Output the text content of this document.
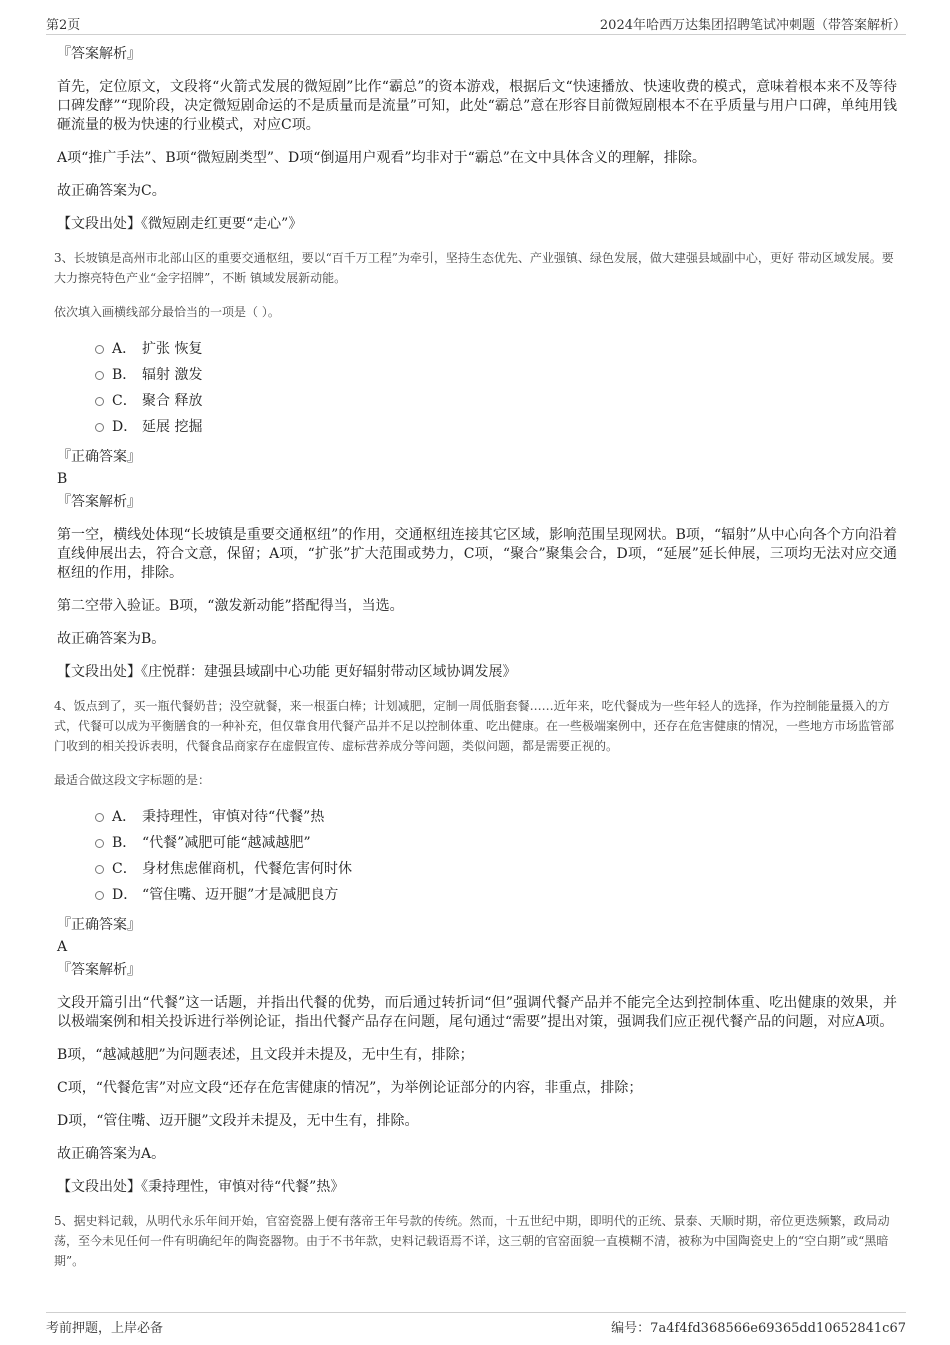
第2页	2024年哈西万达集团招聘笔试冲刺题（带答案解析）
『答案解析』
首先，定位原文，文段将“火箭式发展的微短剧”比作“霸总”的资本游戏，根据后文“快速播放、快速收费的模式，意味着根本来不及等待口碑发酵”“现阶段，决定微短剧命运的不是质量而是流量”可知，此处“霸总”意在形容目前微短剧根本不在乎质量与用户口碑，单纯用钱砸流量的极为快速的行业模式，对应C项。
A项“推广手法”、B项“微短剧类型”、D项“倒逼用户观看”均非对于“霸总”在文中具体含义的理解，排除。
故正确答案为C。
【文段出处】《微短剧走红更要“走心”》
3、长坡镇是高州市北部山区的重要交通枢纽，要以“百千万工程”为牵引，坚持生态优先、产业强镇、绿色发展，做大建强县域副中心，更好 带动区域发展。要大力擦亮特色产业“金字招牌”，不断 镇域发展新动能。
依次填入画横线部分最恰当的一项是（ ）。
A． 扩张 恢复
B． 辐射 激发
C． 聚合 释放
D． 延展 挖掘
『正确答案』
B
『答案解析』
第一空，横线处体现“长坡镇是重要交通枢纽”的作用，交通枢纽连接其它区域，影响范围呈现网状。B项，“辐射”从中心向各个方向沿着直线伸展出去，符合文意，保留；A项，“扩张”扩大范围或势力，C项，“聚合”聚集会合，D项，“延展”延长伸展，三项均无法对应交通枢纽的作用，排除。
第二空带入验证。B项，“激发新动能”搭配得当，当选。
故正确答案为B。
【文段出处】《庄悦群：建强县域副中心功能 更好辐射带动区域协调发展》
4、饭点到了，买一瓶代餐奶昔；没空就餐，来一根蛋白棒；计划减肥，定制一周低脂套餐……近年来，吃代餐成为一些年轻人的选择，作为控制能量摄入的方式，代餐可以成为平衡膳食的一种补充，但仅靠食用代餐产品并不足以控制体重、吃出健康。在一些极端案例中，还存在危害健康的情况，一些地方市场监管部门收到的相关投诉表明，代餐食品商家存在虚假宣传、虚标营养成分等问题，类似问题，都是需要正视的。
最适合做这段文字标题的是：
A． 秉持理性，审慎对待“代餐”热
B． “代餐”减肥可能“越减越肥”
C． 身材焦虑催商机，代餐危害何时休
D． “管住嘴、迈开腿”才是减肥良方
『正确答案』
A
『答案解析』
文段开篇引出“代餐”这一话题，并指出代餐的优势，而后通过转折词“但”强调代餐产品并不能完全达到控制体重、吃出健康的效果，并以极端案例和相关投诉进行举例论证，指出代餐产品存在问题，尾句通过“需要”提出对策，强调我们应正视代餐产品的问题，对应A项。
B项，“越减越肥”为问题表述，且文段并未提及，无中生有，排除；
C项，“代餐危害”对应文段“还存在危害健康的情况”，为举例论证部分的内容，非重点，排除；
D项，“管住嘴、迈开腿”文段并未提及，无中生有，排除。
故正确答案为A。
【文段出处】《秉持理性，审慎对待“代餐”热》
5、据史料记载，从明代永乐年间开始，官窑瓷器上便有落帝王年号款的传统。然而，十五世纪中期，即明代的正统、景泰、天顺时期，帝位更迭频繁，政局动荡，至今未见任何一件有明确纪年的陶瓷器物。由于不书年款，史料记载语焉不详，这三朝的官窑面貌一直模糊不清，被称为中国陶瓷史上的“空白期”或“黑暗期”。
考前押题，上岸必备	编号：7a4f4fd368566e69365dd10652841c67
